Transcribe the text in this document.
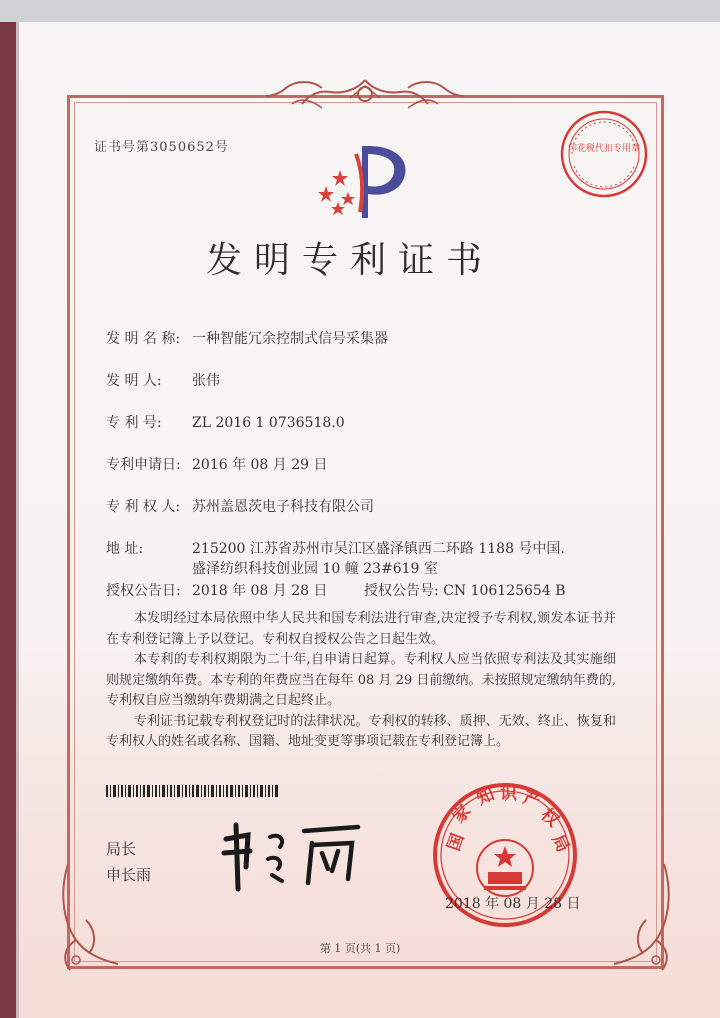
证书号第3050652号
发明专利证书
印花税代扣专用章
发 明 名 称: 一种智能冗余控制式信号采集器
发 明 人: 张伟
专 利 号: ZL 2016 1 0736518.0
专利申请日: 2016 年 08 月 29 日
专 利 权 人: 苏州盖恩茨电子科技有限公司
地 址:	215200 江苏省苏州市吴江区盛泽镇西二环路 1188 号中国.
盛泽纺织科技创业园 10 幢 23#619 室
授权公告日: 2018 年 08 月 28 日	授权公告号: CN 106125654 B

本发明经过本局依照中华人民共和国专利法进行审查,决定授予专利权,颁发本证书并在专利登记簿上予以登记。专利权自授权公告之日起生效。

本专利的专利权期限为二十年,自申请日起算。专利权人应当依照专利法及其实施细则规定缴纳年费。本专利的年费应当在每年 08 月 29 日前缴纳。未按照规定缴纳年费的,专利权自应当缴纳年费期满之日起终止。

专利证书记载专利权登记时的法律状况。专利权的转移、质押、无效、终止、恢复和专利权人的姓名或名称、国籍、地址变更等事项记载在专利登记簿上。

局长
申长雨
国
家
知 识 产
权
局
2018 年 08 月 28 日
第 1 页(共 1 页)
